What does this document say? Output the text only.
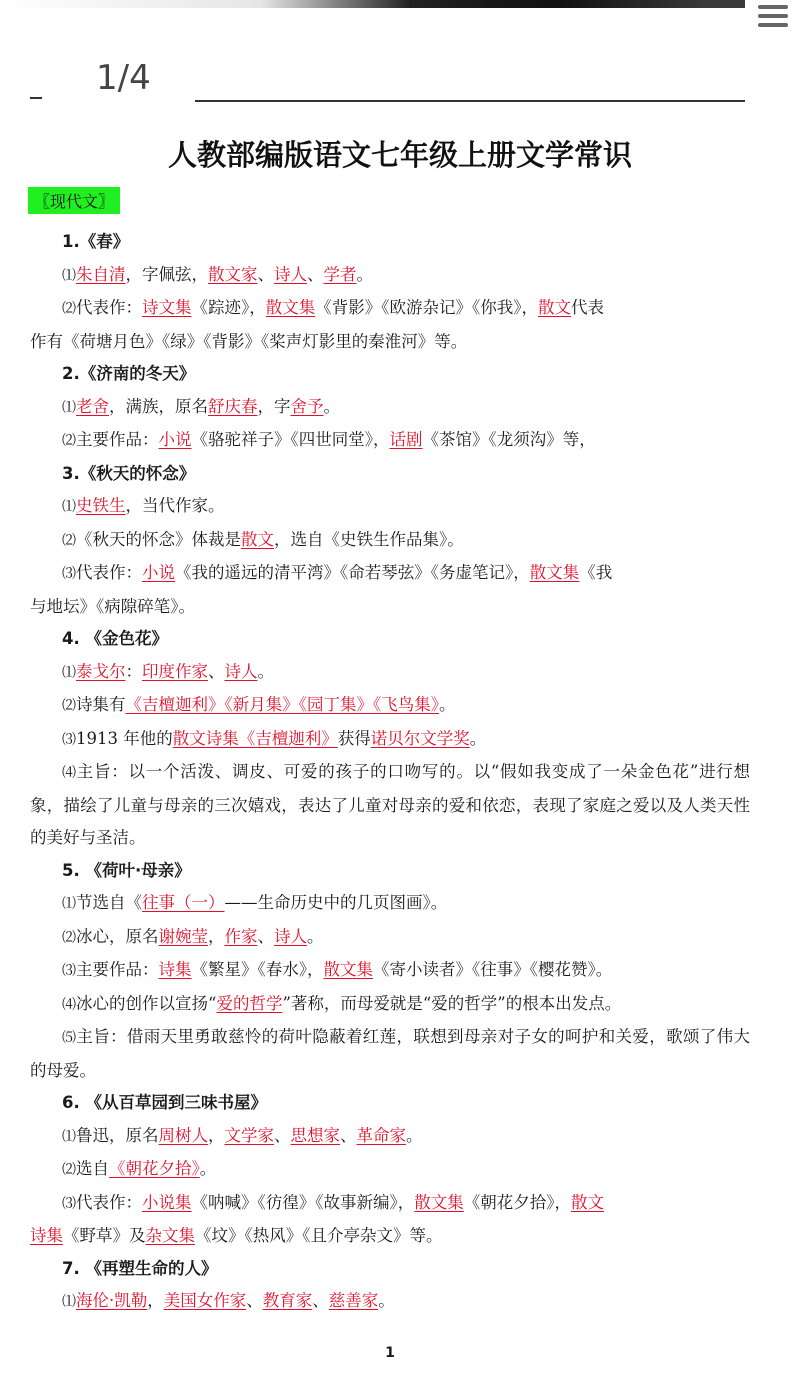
1/4
人教部编版语文七年级上册文学常识
〖现代文〗
1.《春》
⑴朱自清，字佩弦，散文家、诗人、学者。
⑵代表作：诗文集《踪迹》，散文集《背影》《欧游杂记》《你我》，散文代表
作有《荷塘月色》《绿》《背影》《桨声灯影里的秦淮河》等。
2.《济南的冬天》
⑴老舍，满族，原名舒庆春，字舍予。
⑵主要作品：小说《骆驼祥子》《四世同堂》，话剧《茶馆》《龙须沟》等，
3.《秋天的怀念》
⑴史铁生，当代作家。
⑵《秋天的怀念》体裁是散文，选自《史铁生作品集》。
⑶代表作：小说《我的遥远的清平湾》《命若琴弦》《务虚笔记》，散文集《我
与地坛》《病隙碎笔》。
4. 《金色花》
⑴泰戈尔：印度作家、诗人。
⑵诗集有《吉檀迦利》《新月集》《园丁集》《飞鸟集》。
⑶1913 年他的散文诗集《吉檀迦利》获得诺贝尔文学奖。
⑷主旨：以一个活泼、调皮、可爱的孩子的口吻写的。以“假如我变成了一朵金色花”进行想象，描绘了儿童与母亲的三次嬉戏，表达了儿童对母亲的爱和依恋，表现了家庭之爱以及人类天性的美好与圣洁。
5. 《荷叶·母亲》
⑴节选自《往事（一）——生命历史中的几页图画》。
⑵冰心，原名谢婉莹，作家、诗人。
⑶主要作品：诗集《繁星》《春水》，散文集《寄小读者》《往事》《樱花赞》。
⑷冰心的创作以宣扬“爱的哲学”著称，而母爱就是“爱的哲学”的根本出发点。
⑸主旨：借雨天里勇敢慈怜的荷叶隐蔽着红莲，联想到母亲对子女的呵护和关爱，歌颂了伟大的母爱。
6. 《从百草园到三味书屋》
⑴鲁迅，原名周树人，文学家、思想家、革命家。
⑵选自《朝花夕拾》。
⑶代表作：小说集《呐喊》《彷徨》《故事新编》，散文集《朝花夕拾》，散文
诗集《野草》及杂文集《坟》《热风》《且介亭杂文》等。
7. 《再塑生命的人》
⑴海伦·凯勒，美国女作家、教育家、慈善家。
1
